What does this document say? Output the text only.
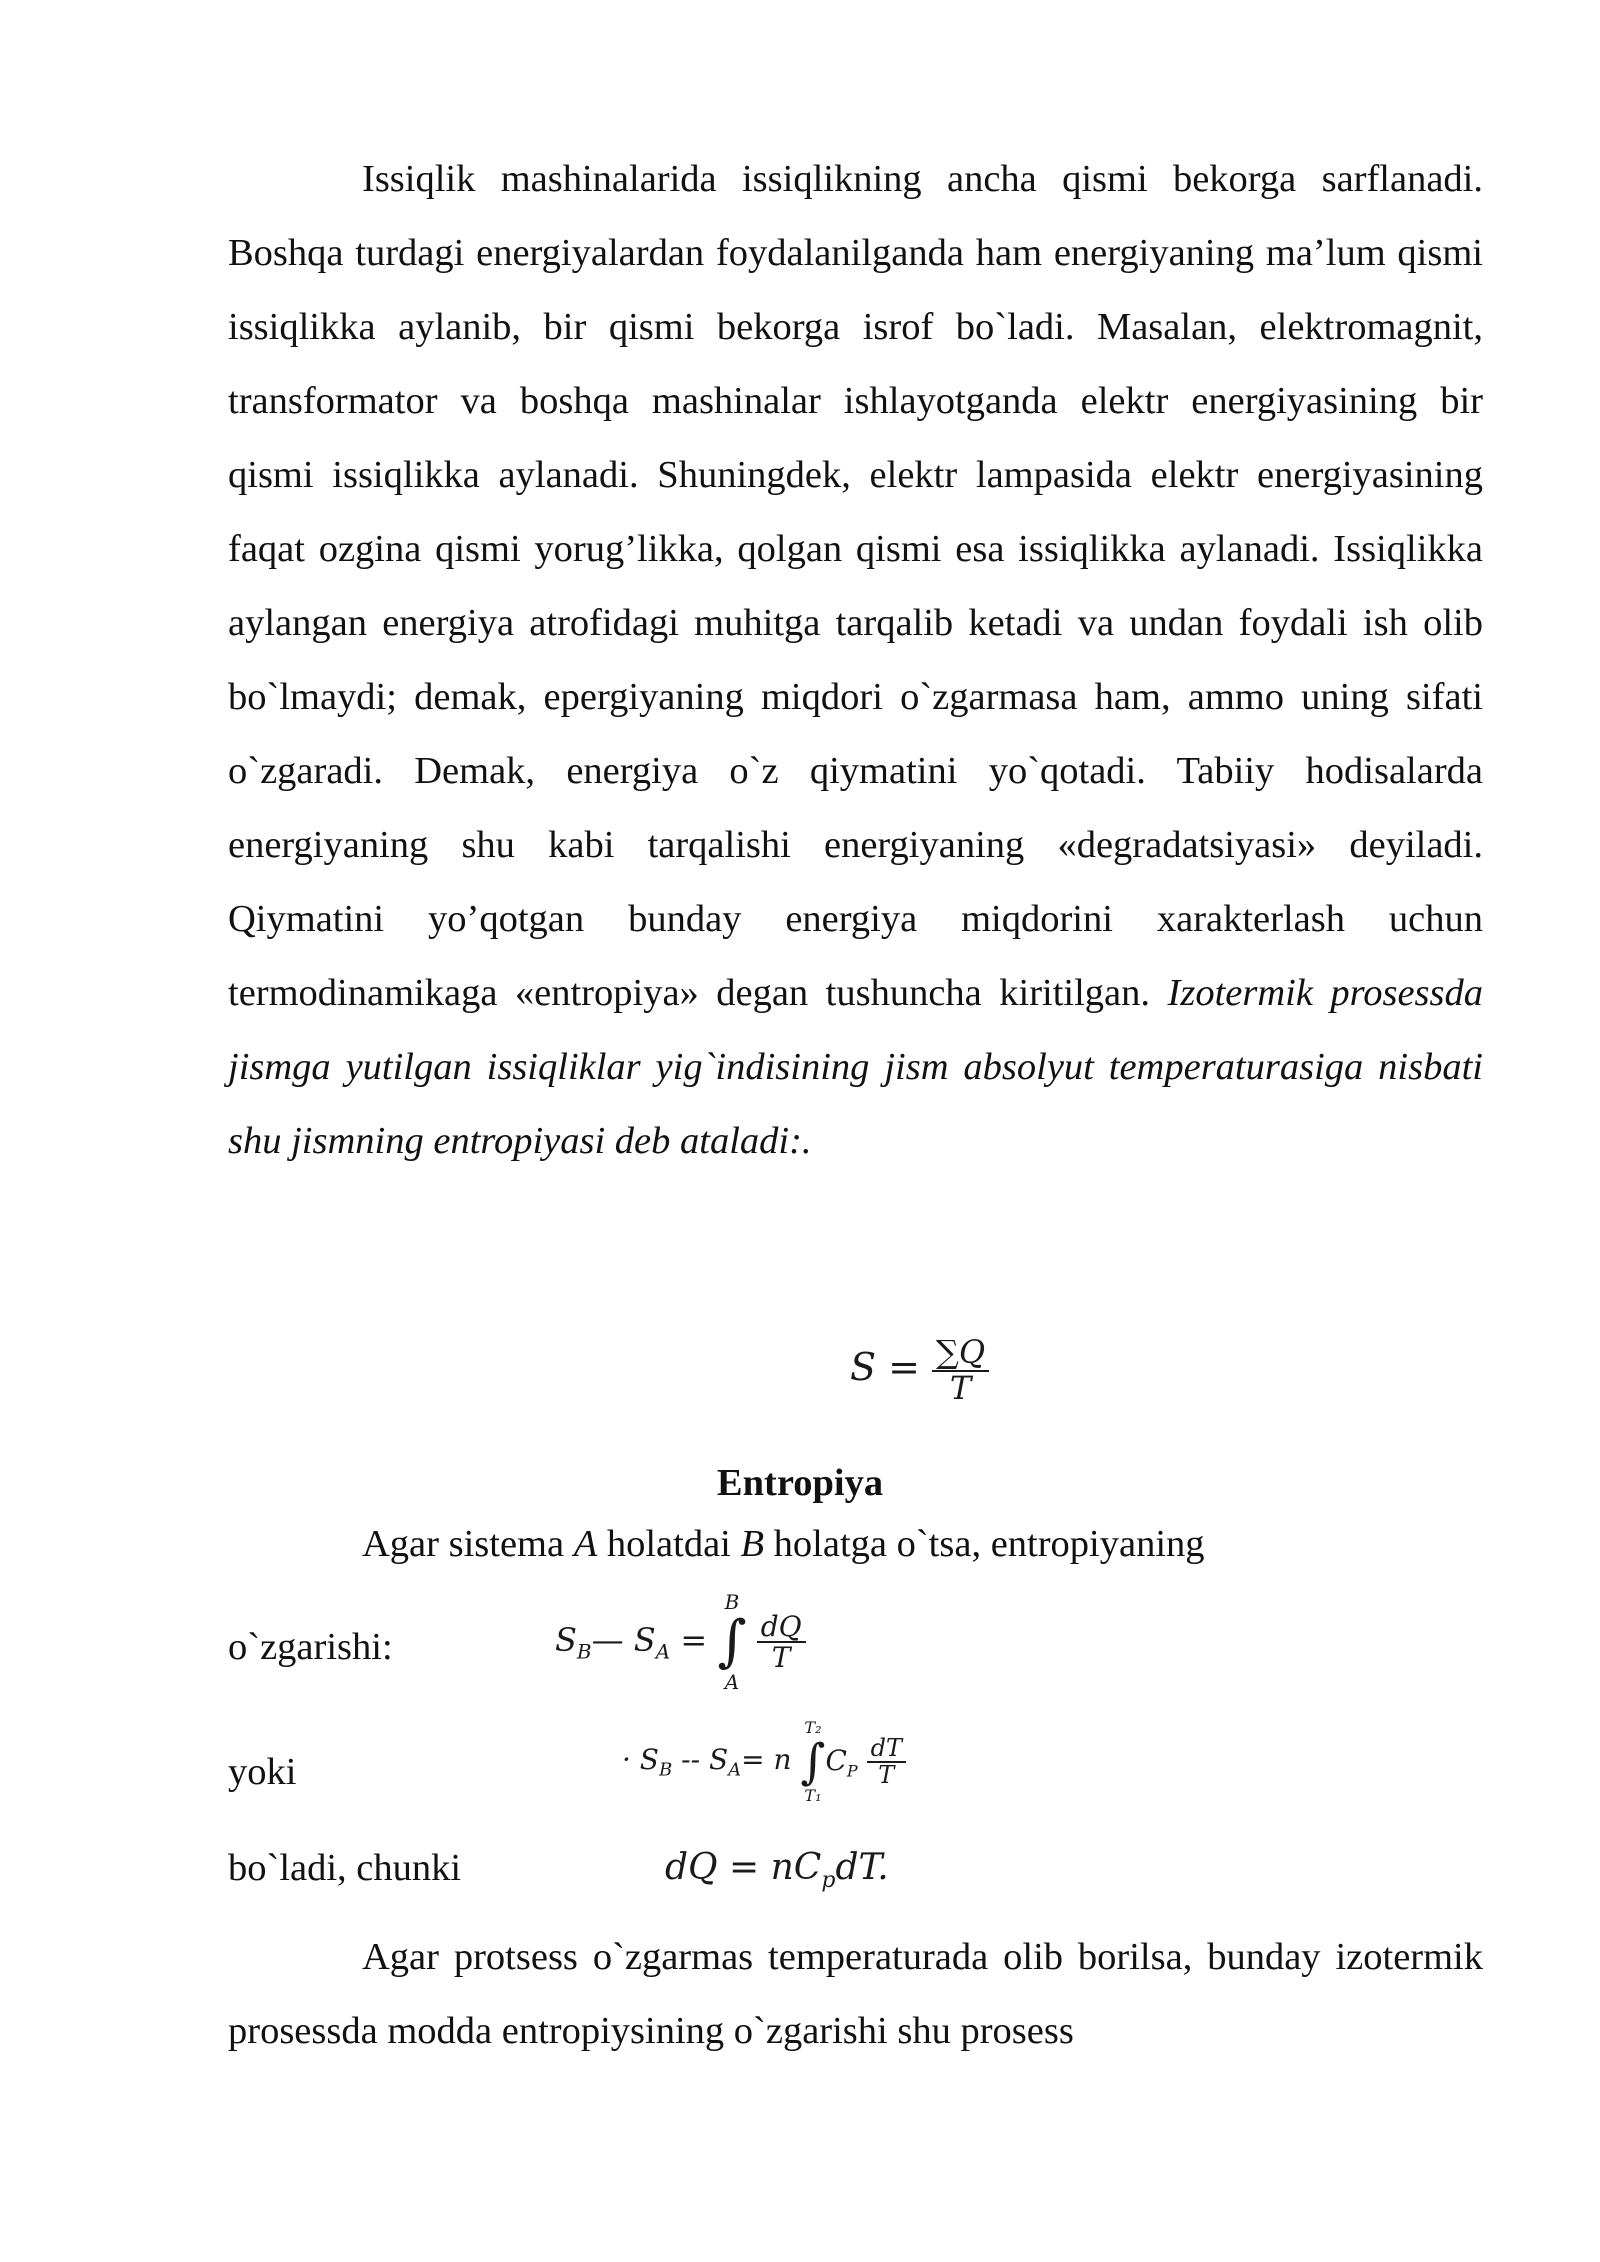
Issiqlik mashinalarida issiqlikning ancha qismi bekorga sarflanadi. Boshqa turdagi energiyalardan foydalanilganda ham energiyaning ma’lum qismi issiqlikka aylanib, bir qismi bekorga isrof bo`ladi. Masalan, elektromagnit, transformator va boshqa mashinalar ishlayotganda elektr energiyasining bir qismi issiqlikka aylanadi. Shuningdek, elektr lampasida elektr energiyasining faqat ozgina qismi yorug’likka, qolgan qismi esa issiqlikka aylanadi. Issiqlikka aylangan energiya atrofidagi muhitga tarqalib ketadi va undan foydali ish olib bo`lmaydi; demak, epergiyaning miqdori o`zgarmasa ham, ammo uning sifati o`zgaradi. Demak, energiya o`z qiymatini yo`qotadi. Tabiiy hodisalarda energiyaning shu kabi tarqalishi energiyaning «degradatsiyasi» deyiladi. Qiymatini yo’qotgan bunday energiya miqdorini xarakterlash uchun termodinamikaga «entropiya» degan tushuncha kiritilgan. Izotermik prosessda jismga yutilgan issiqliklar yig`indisining jism absolyut temperaturasiga nisbati shu jismning entropiyasi deb ataladi:.

$S = \frac{\sum Q}{T}$
Entropiya
Agar sistema A holatdai B holatga o`tsa, entropiyaning
o`zgarishi:	$S_B—$ $S_A$ =
B
∫
A

$\frac{dQ}{T}$
yoki	· $S_B -- S_A= n$
T₂
∫
T₁
$C_P \frac{dT}{T}$
bo`ladi, chunki	dQ = $nC_pdT$.

Agar protsess o`zgarmas temperaturada olib borilsa, bunday izotermik prosessda modda entropiysining o`zgarishi shu prosess
